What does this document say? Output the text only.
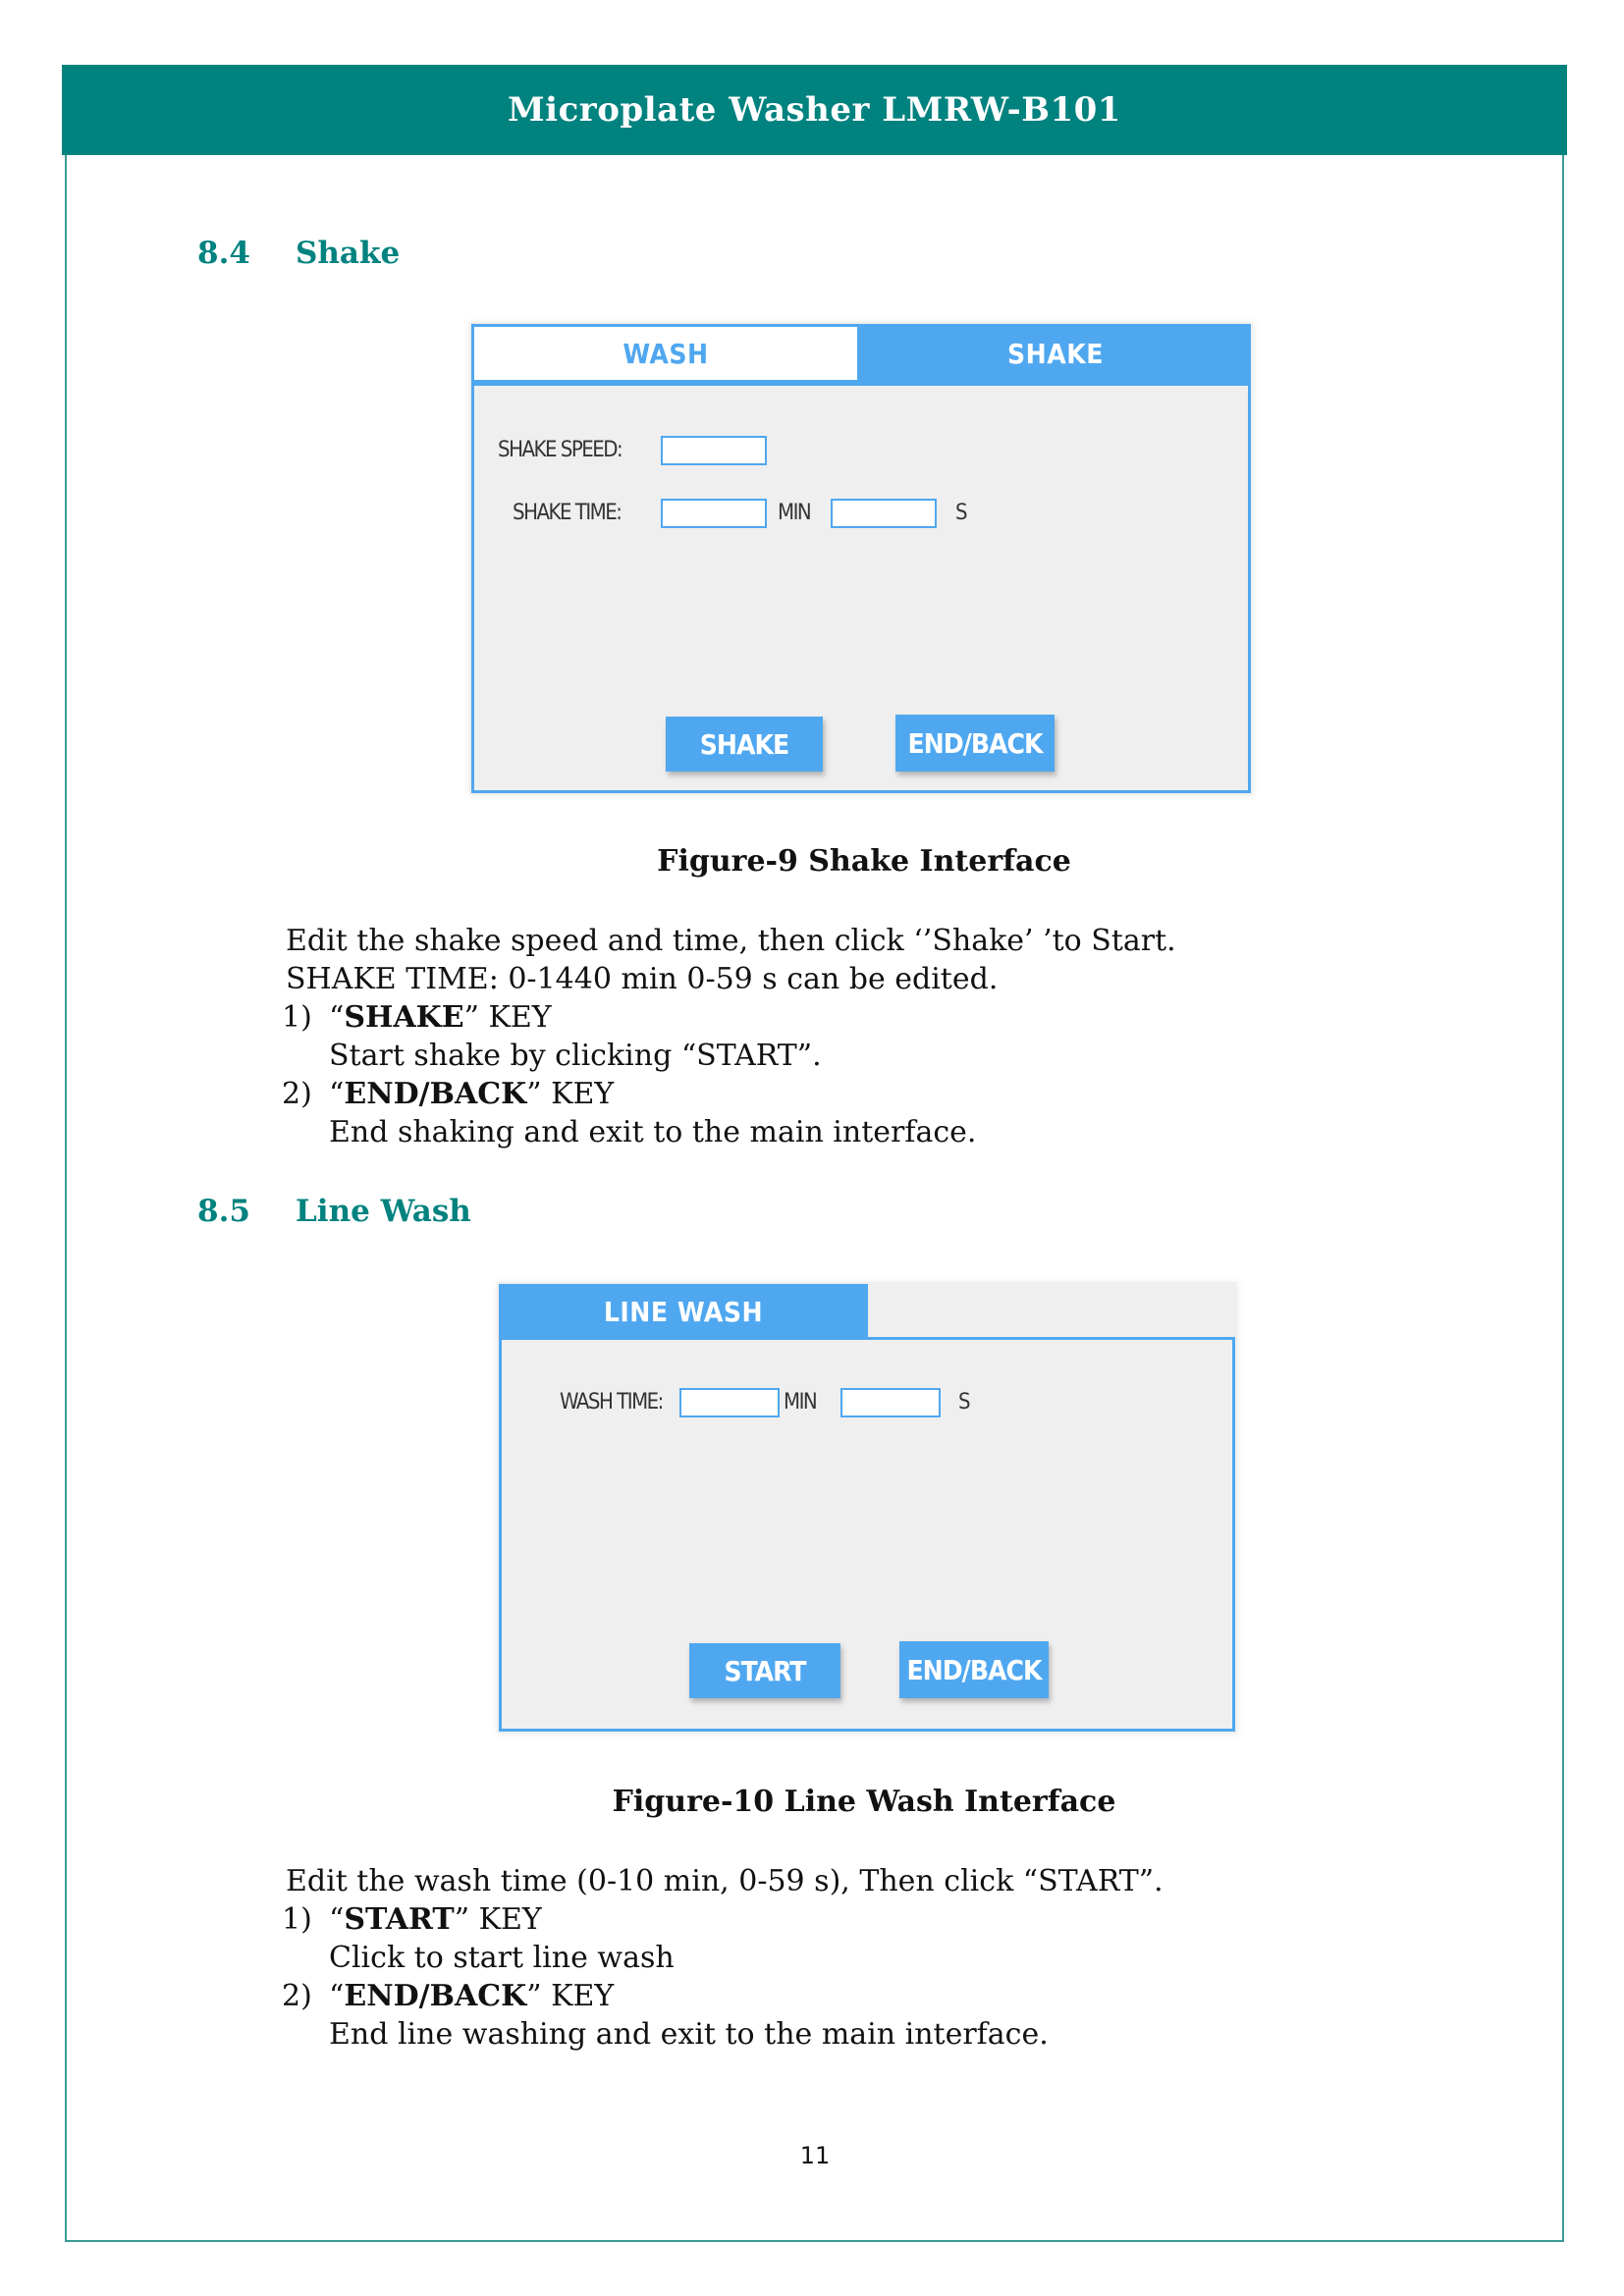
Microplate Washer LMRW-B101
8.4	Shake
WASH	SHAKE
SHAKE SPEED:
SHAKE TIME:	MIN	S
SHAKE	END/BACK
Figure-9 Shake Interface
Edit the shake speed and time, then click ‘’Shake’ ’to Start.
SHAKE TIME: 0-1440 min 0-59 s can be edited.
1) “SHAKE” KEY
Start shake by clicking “START”.
2) “END/BACK” KEY
End shaking and exit to the main interface.
8.5	Line Wash
LINE WASH
WASH TIME:	MIN	S
START	END/BACK
Figure-10 Line Wash Interface
Edit the wash time (0-10 min, 0-59 s), Then click “START”.
1) “START” KEY
Click to start line wash
2) “END/BACK” KEY
End line washing and exit to the main interface.
11
